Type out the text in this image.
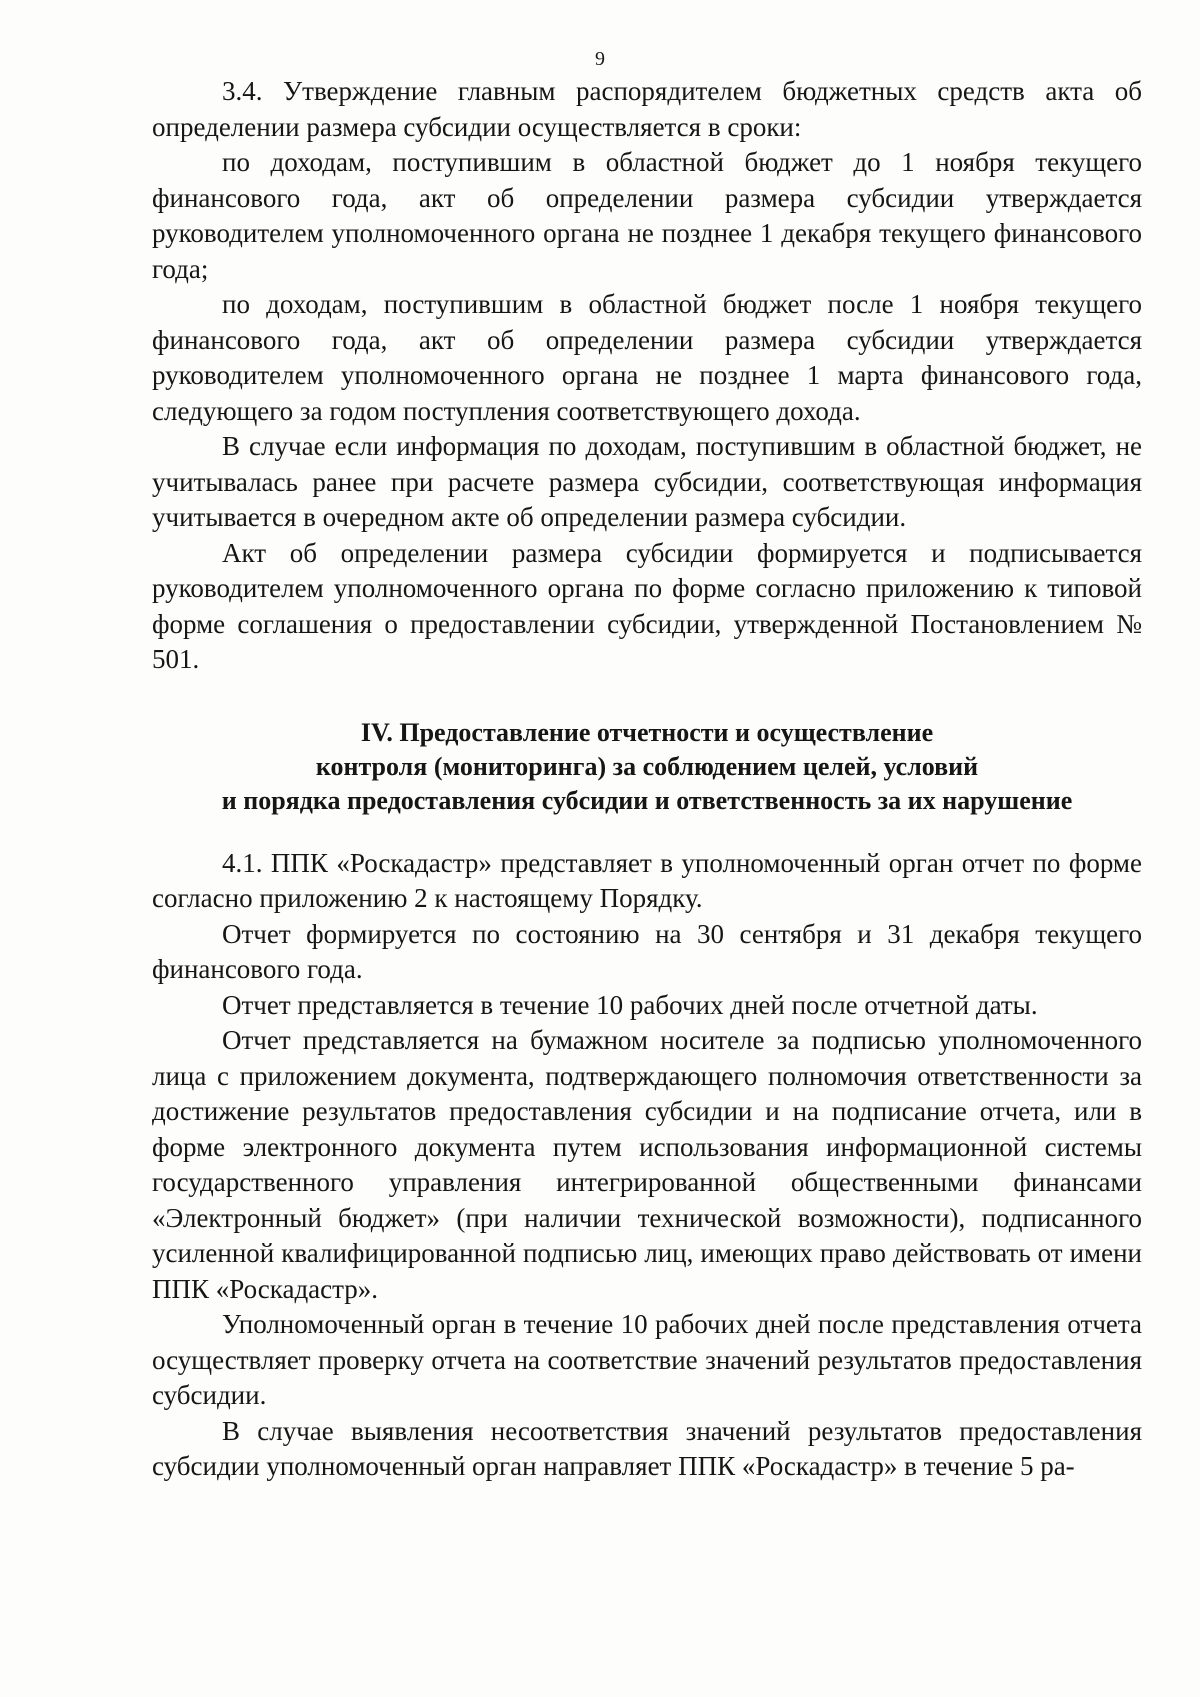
9

3.4. Утверждение главным распорядителем бюджетных средств акта об определении размера субсидии осуществляется в сроки:

по доходам, поступившим в областной бюджет до 1 ноября текущего финансового года, акт об определении размера субсидии утверждается руководителем уполномоченного органа не позднее 1 декабря текущего финансового года;

по доходам, поступившим в областной бюджет после 1 ноября текущего финансового года, акт об определении размера субсидии утверждается руководителем уполномоченного органа не позднее 1 марта финансового года, следующего за годом поступления соответствующего дохода.

В случае если информация по доходам, поступившим в областной бюджет, не учитывалась ранее при расчете размера субсидии, соответствующая информация учитывается в очередном акте об определении размера субсидии.

Акт об определении размера субсидии формируется и подписывается руководителем уполномоченного органа по форме согласно приложению к типовой форме соглашения о предоставлении субсидии, утвержденной Постановлением № 501.

IV. Предоставление отчетности и осуществление
контроля (мониторинга) за соблюдением целей, условий
и порядка предоставления субсидии и ответственность за их нарушение

4.1. ППК «Роскадастр» представляет в уполномоченный орган отчет по форме согласно приложению 2 к настоящему Порядку.

Отчет формируется по состоянию на 30 сентября и 31 декабря текущего финансового года.

Отчет представляется в течение 10 рабочих дней после отчетной даты.

Отчет представляется на бумажном носителе за подписью уполномоченного лица с приложением документа, подтверждающего полномочия ответственности за достижение результатов предоставления субсидии и на подписание отчета, или в форме электронного документа путем использования информационной системы государственного управления интегрированной общественными финансами «Электронный бюджет» (при наличии технической возможности), подписанного усиленной квалифицированной подписью лиц, имеющих право действовать от имени ППК «Роскадастр».

Уполномоченный орган в течение 10 рабочих дней после представления отчета осуществляет проверку отчета на соответствие значений результатов предоставления субсидии.

В случае выявления несоответствия значений результатов предоставления субсидии уполномоченный орган направляет ППК «Роскадастр» в течение 5 ра-
